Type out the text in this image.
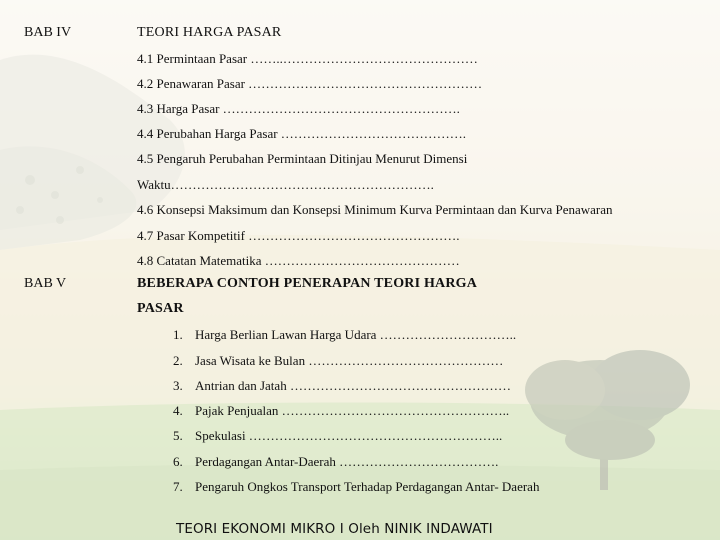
BAB IV	TEORI HARGA PASAR
4.1 Permintaan Pasar ……..………………………………………
4.2 Penawaran Pasar ………………………………………………
4.3 Harga Pasar ……………………………………………….
4.4 Perubahan Harga Pasar …………………………………….
4.5 Pengaruh Perubahan Permintaan Ditinjau Menurut Dimensi
Waktu…………………………………………………….
4.6 Konsepsi Maksimum dan Konsepsi Minimum Kurva Permintaan dan Kurva Penawaran
4.7 Pasar Kompetitif ………………………………………….
4.8 Catatan Matematika ………………………………………
BAB V	BEBERAPA CONTOH PENERAPAN TEORI HARGA
PASAR
1. Harga Berlian Lawan Harga Udara …………………………..
2. Jasa Wisata ke Bulan ………………………………………
3. Antrian dan Jatah ……………………………………………
4. Pajak Penjualan ……………………………………………..
5. Spekulasi …………………………………………………..
6. Perdagangan Antar-Daerah ……………………………….
7. Pengaruh Ongkos Transport Terhadap Perdagangan Antar- Daerah
TEORI EKONOMI MIKRO I Oleh NINIK INDAWATI
